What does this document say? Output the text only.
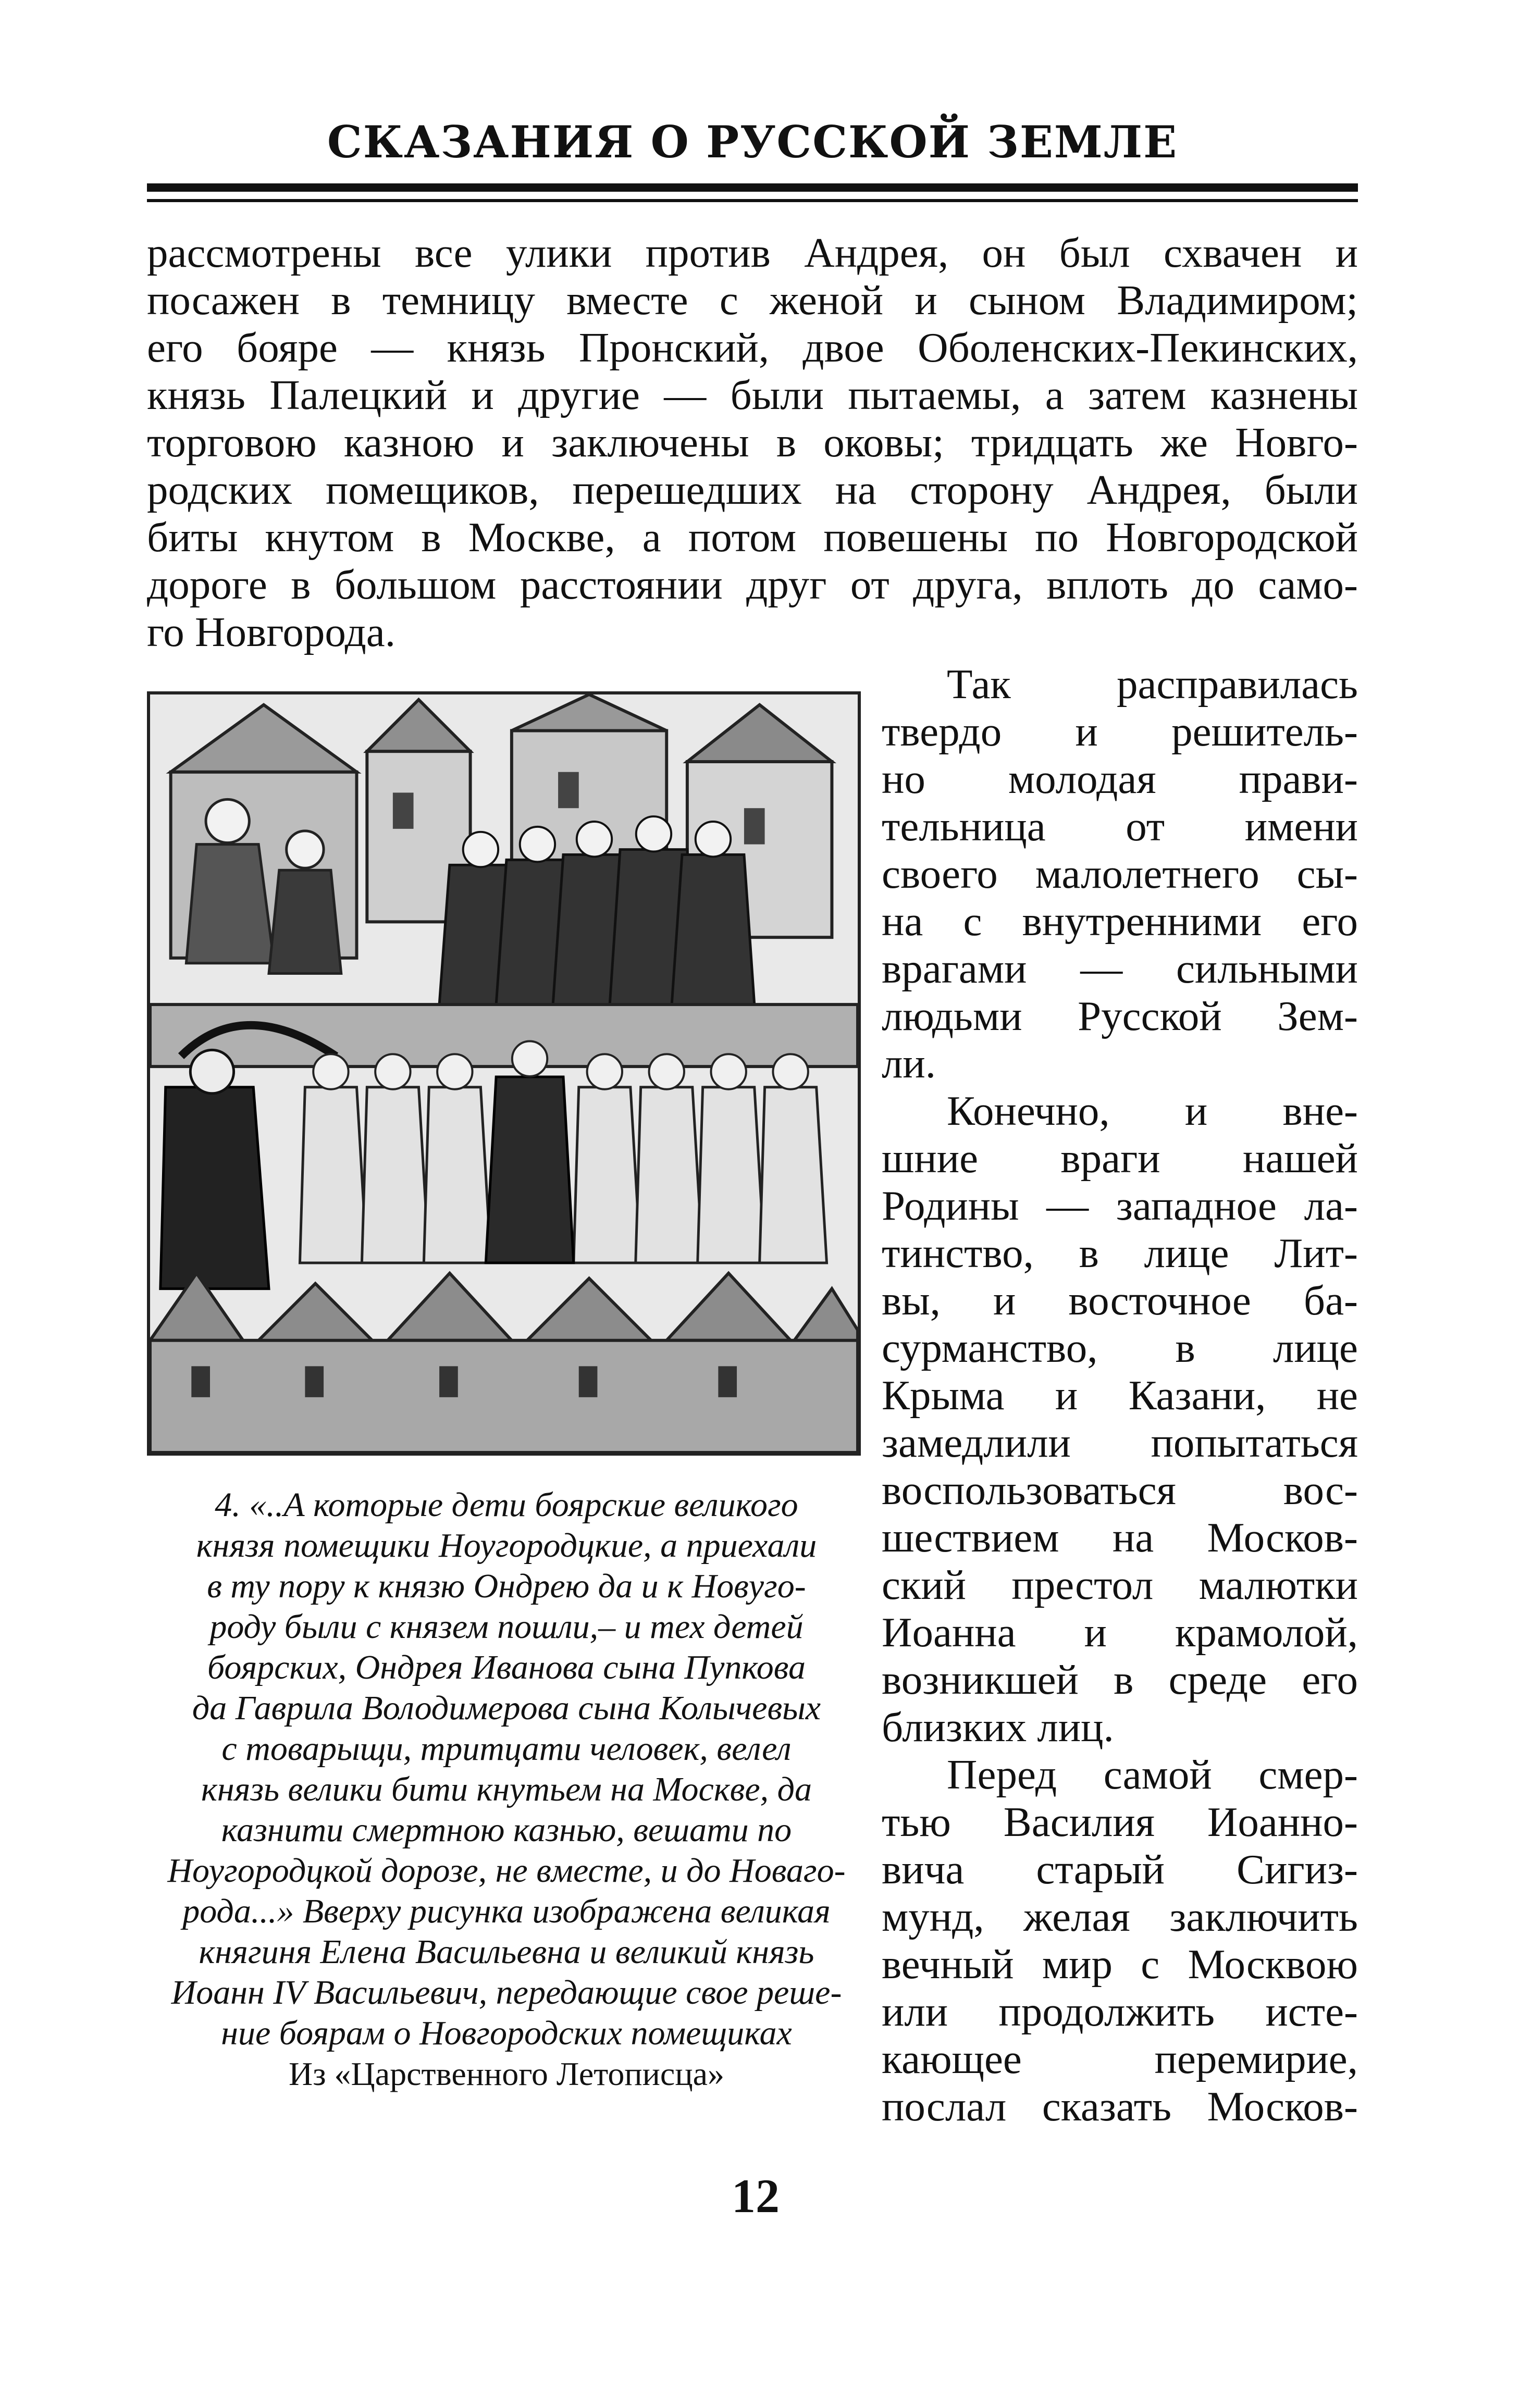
СКАЗАНИЯ О РУССКОЙ ЗЕМЛЕ
рассмотрены все улики против Андрея, он был схвачен и
посажен в темницу вместе с женой и сыном Владимиром;
его бояре — князь Пронский, двое Оболенских-Пекинских,
князь Палецкий и другие — были пытаемы, а затем казнены
торговою казнoю и заключены в оковы; тридцать же Новго-
родских помещиков, перешедших на сторону Андрея, были
биты кнутом в Москве, а потом повешены по Новгородской
дороге в большом расстоянии друг от друга, вплоть до само-
го Новгорода.
4. «..А которые дети боярские великого
князя помещики Ноугородцкие, а приехали
в ту пору к князю Ондрею да и к Новуго-
роду были с князем пошли,– и тех детей
боярских, Ондрея Иванова сына Пупкова
да Гаврила Володимерова сына Колычевых
с товарыщи, тритцати человек, велел
князь велики бити кнутьем на Москве, да
казнити смертною казнью, вешати по
Ноугородцкой дорозе, не вместе, и до Новаго-
рода...» Вверху рисунка изображена великая
княгиня Елена Васильевна и великий князь
Иоанн IV Васильевич, передающие свое реше-
ние боярам о Новгородских помещиках
Из «Царственного Летописца»
Так расправилась
твердо и решитель-
но молодая прави-
тельница от имени
своего малолетнего сы-
на с внутренними его
врагами — сильными
людьми Русской Зем-
ли.
Конечно, и вне-
шние враги нашей
Родины — западное ла-
тинство, в лице Лит-
вы, и восточное ба-
сурманство, в лице
Крыма и Казани, не
замедлили попытаться
воспользоваться вос-
шествием на Москов-
ский престол малютки
Иоанна и крамолой,
возникшей в среде его
близких лиц.
Перед самой смер-
тью Василия Иоанно-
вича старый Сигиз-
мунд, желая заключить
вечный мир с Москвою
или продолжить исте-
кающее перемирие,
послал сказать Москов-
12
